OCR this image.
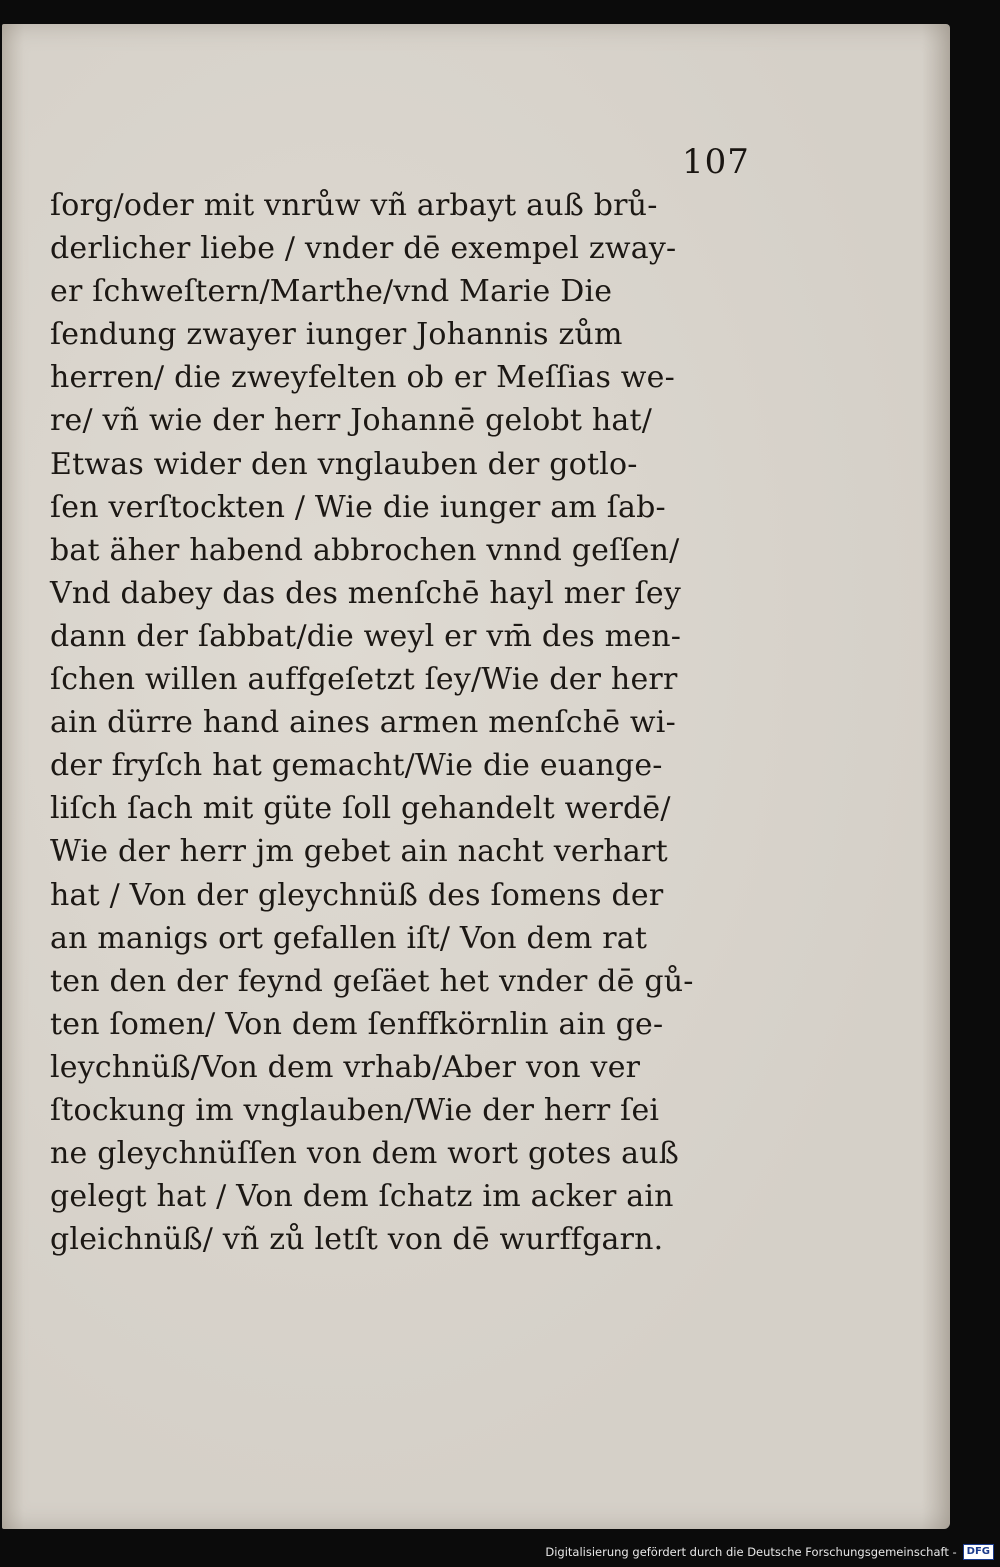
107
ſorg/oder mit vnrůw vñ arbayt auß brů‑
derlicher liebe / vnder dē exempel zway‑
er ſchweſtern/Marthe/vnd Marie Die
ſendung zwayer iunger Johannis zům
herren/ die zweyfelten ob er Meſſias we‑
re/ vñ wie der herr Johannē gelobt hat/
Etwas wider den vnglauben der gotlo‑
ſen verſtockten / Wie die iunger am ſab‑
bat äher habend abbrochen vnnd geſſen/
Vnd dabey das des menſchē hayl mer ſey
dann der ſabbat/die weyl er vm̄ des men‑
ſchen willen auffgeſetzt ſey/Wie der herr
ain dürre hand aines armen menſchē wi‑
der fryſch hat gemacht/Wie die euange‑
liſch ſach mit güte ſoll gehandelt werdē/
Wie der herr jm gebet ain nacht verhart
hat / Von der gleychnüß des ſomens der
an manigs ort gefallen iſt/ Von dem rat
ten den der feynd geſäet het vnder dē gů‑
ten ſomen/ Von dem ſenffkörnlin ain ge‑
leychnüß/Von dem vrhab/Aber von ver
ſtockung im vnglauben/Wie der herr ſei
ne gleychnüſſen von dem wort gotes auß
gelegt hat / Von dem ſchatz im acker ain
gleichnüß/ vñ zů letſt von dē wurffgarn.
Digitalisierung gefördert durch die Deutsche Forschungsgemeinschaft -	DFG
